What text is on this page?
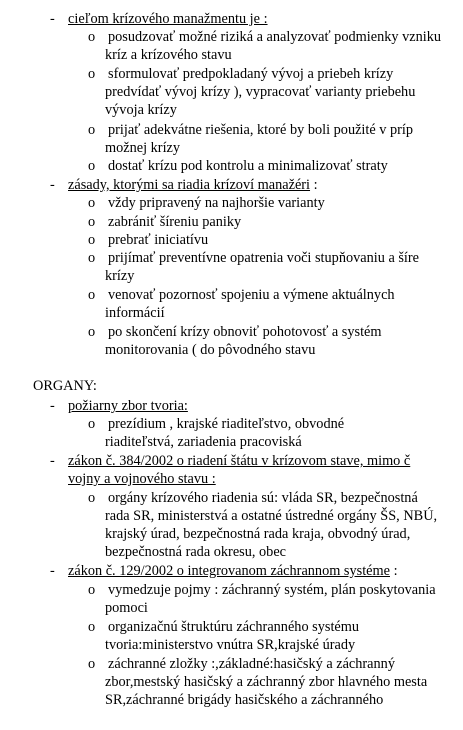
- cieľom krízového manažmentu je :
o posudzovať možné riziká a analyzovať podmienky vzniku
kríz a krízového stavu
o sformulovať predpokladaný vývoj a priebeh krízy
predvídať vývoj krízy ), vypracovať varianty priebehu
vývoja krízy
o prijať adekvátne riešenia, ktoré by boli použité v príp
možnej krízy
o dostať krízu pod kontrolu a minimalizovať straty
- zásady, ktorými sa riadia krízoví manažéri :
o vždy pripravený na najhoršie varianty
o zabrániť šíreniu paniky
o prebrať iniciatívu
o prijímať preventívne opatrenia voči stupňovaniu a šíre
krízy
o venovať pozornosť spojeniu a výmene aktuálnych
informácií
o po skončení krízy obnoviť pohotovosť a systém
monitorovania ( do pôvodného stavu
ORGANY:
- požiarny zbor tvoria:
o prezídium , krajské riaditeľstvo, obvodné
riaditeľstvá, zariadenia pracoviská
- zákon č. 384/2002 o riadení štátu v krízovom stave, mimo č
vojny a vojnového stavu :
o orgány krízového riadenia sú: vláda SR, bezpečnostná
rada SR, ministerstvá a ostatné ústredné orgány ŠS, NBÚ,
krajský úrad, bezpečnostná rada kraja, obvodný úrad,
bezpečnostná rada okresu, obec
- zákon č. 129/2002 o integrovanom záchrannom systéme :
o vymedzuje pojmy : záchranný systém, plán poskytovania
pomoci
o organizačnú štruktúru záchranného systému
tvoria:ministerstvo vnútra SR,krajské úrady
o záchranné zložky :,základné:hasičský a záchranný
zbor,mestský hasičský a záchranný zbor hlavného mesta
SR,záchranné brigády hasičského a záchranného
